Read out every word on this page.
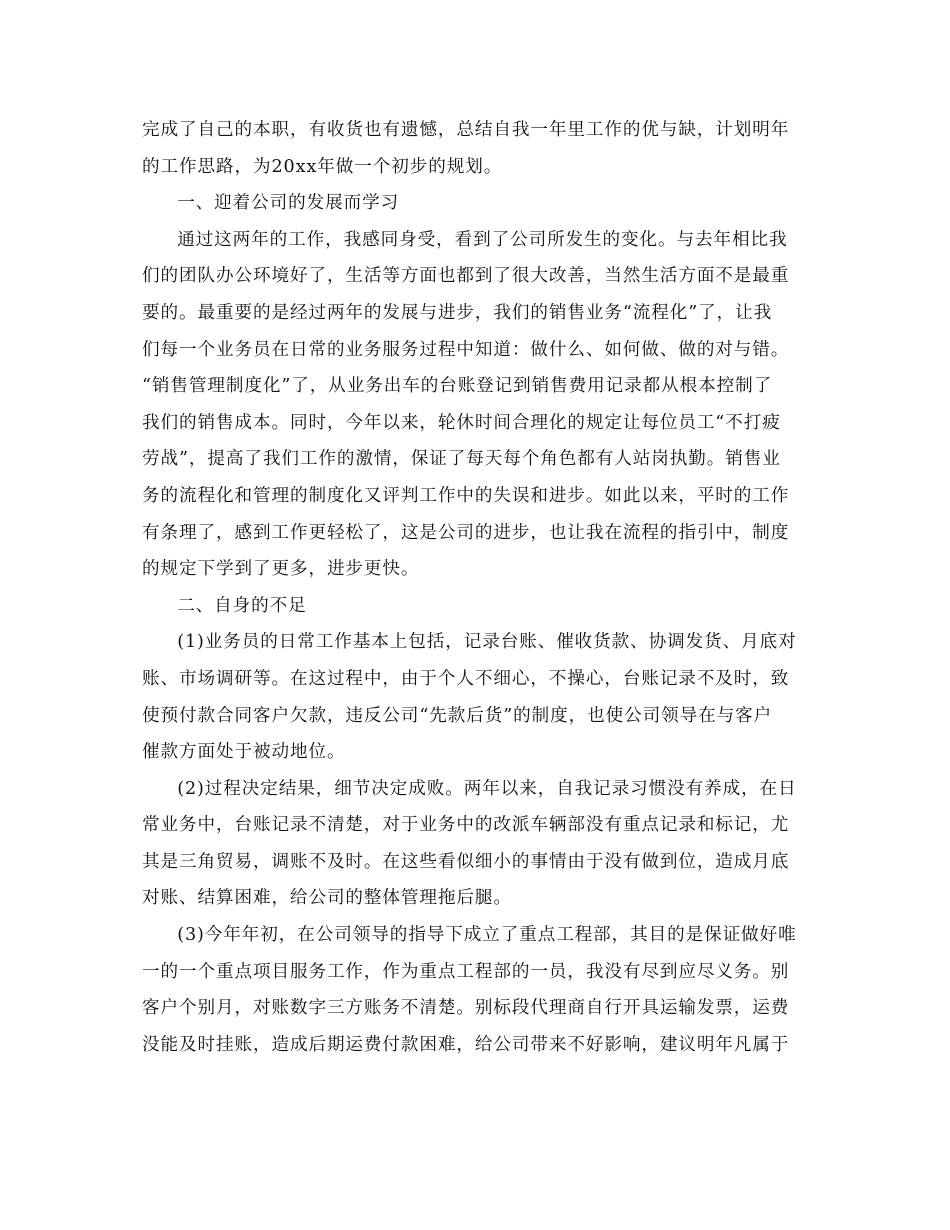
完成了自己的本职，有收货也有遗憾，总结自我一年里工作的优与缺，计划明年
的工作思路，为20xx年做一个初步的规划。

一、迎着公司的发展而学习

通过这两年的工作，我感同身受，看到了公司所发生的变化。与去年相比我
们的团队办公环境好了，生活等方面也都到了很大改善，当然生活方面不是最重
要的。最重要的是经过两年的发展与进步，我们的销售业务“流程化”了，让我
们每一个业务员在日常的业务服务过程中知道：做什么、如何做、做的对与错。
“销售管理制度化”了，从业务出车的台账登记到销售费用记录都从根本控制了
我们的销售成本。同时，今年以来，轮休时间合理化的规定让每位员工“不打疲
劳战”，提高了我们工作的激情，保证了每天每个角色都有人站岗执勤。销售业
务的流程化和管理的制度化又评判工作中的失误和进步。如此以来，平时的工作
有条理了，感到工作更轻松了，这是公司的进步，也让我在流程的指引中，制度
的规定下学到了更多，进步更快。

二、自身的不足

(1)业务员的日常工作基本上包括，记录台账、催收货款、协调发货、月底对
账、市场调研等。在这过程中，由于个人不细心，不操心，台账记录不及时，致
使预付款合同客户欠款，违反公司“先款后货”的制度，也使公司领导在与客户
催款方面处于被动地位。

(2)过程决定结果，细节决定成败。两年以来，自我记录习惯没有养成，在日
常业务中，台账记录不清楚，对于业务中的改派车辆部没有重点记录和标记，尤
其是三角贸易，调账不及时。在这些看似细小的事情由于没有做到位，造成月底
对账、结算困难，给公司的整体管理拖后腿。

(3)今年年初，在公司领导的指导下成立了重点工程部，其目的是保证做好唯
一的一个重点项目服务工作，作为重点工程部的一员，我没有尽到应尽义务。别
客户个别月，对账数字三方账务不清楚。别标段代理商自行开具运输发票，运费
没能及时挂账，造成后期运费付款困难，给公司带来不好影响，建议明年凡属于
